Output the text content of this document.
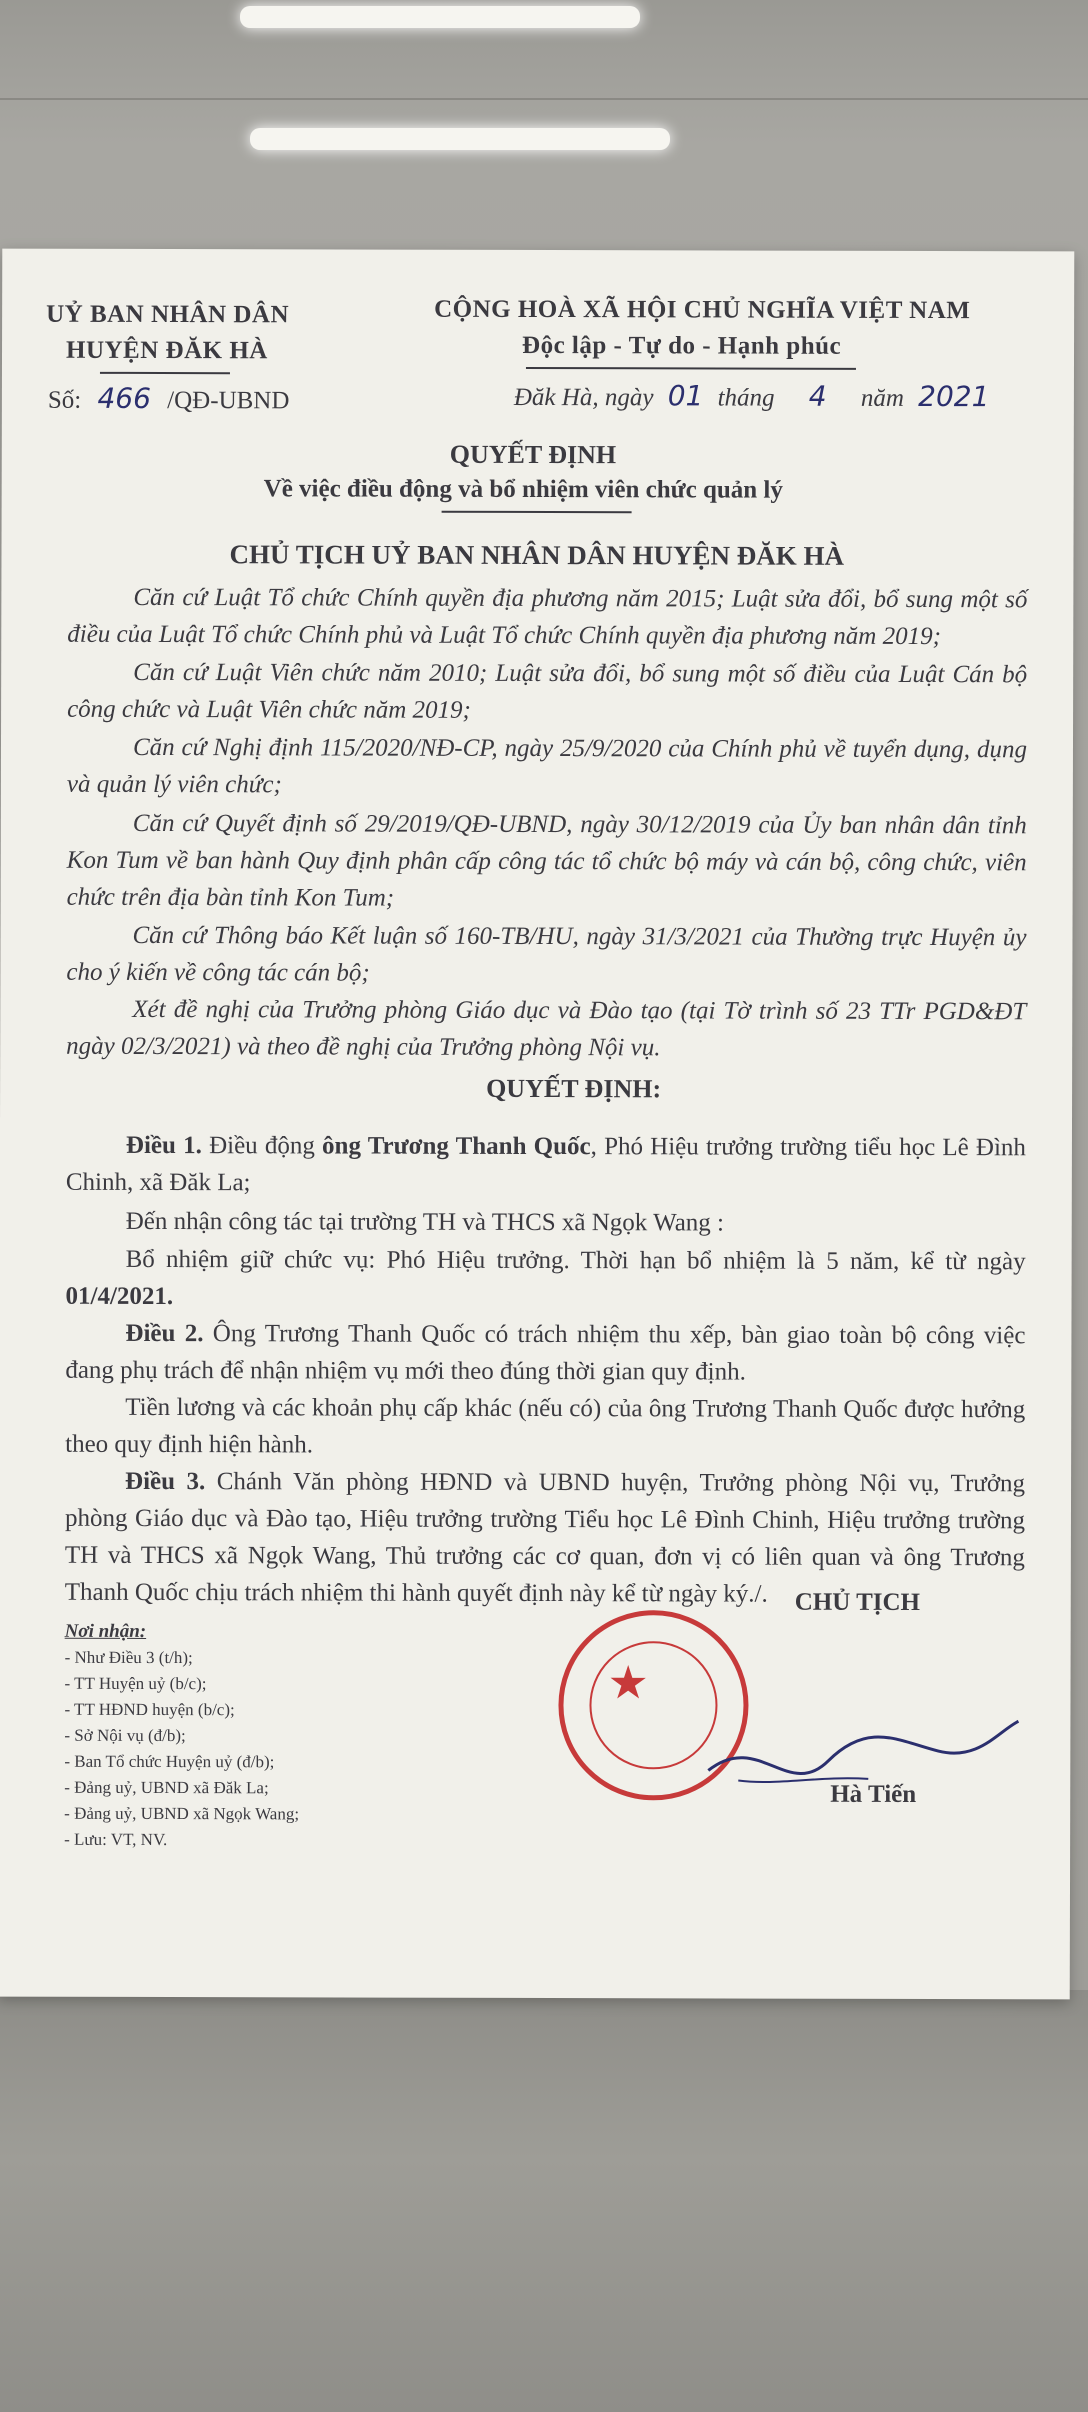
UỶ BAN NHÂN DÂN
HUYỆN ĐĂK HÀ
Số: 466 /QĐ-UBND
CỘNG HOÀ XÃ HỘI CHỦ NGHĨA VIỆT NAM
Độc lập - Tự do - Hạnh phúc
Đăk Hà, ngày 01 tháng 4 năm 2021
QUYẾT ĐỊNH
Về việc điều động và bổ nhiệm viên chức quản lý
CHỦ TỊCH UỶ BAN NHÂN DÂN HUYỆN ĐĂK HÀ
Căn cứ Luật Tổ chức Chính quyền địa phương năm 2015; Luật sửa đổi, bổ sung một số điều của Luật Tổ chức Chính phủ và Luật Tổ chức Chính quyền địa phương năm 2019;
Căn cứ Luật Viên chức năm 2010; Luật sửa đổi, bổ sung một số điều của Luật Cán bộ công chức và Luật Viên chức năm 2019;
Căn cứ Nghị định 115/2020/NĐ-CP, ngày 25/9/2020 của Chính phủ về tuyển dụng, dụng và quản lý viên chức;
Căn cứ Quyết định số 29/2019/QĐ-UBND, ngày 30/12/2019 của Ủy ban nhân dân tỉnh Kon Tum về ban hành Quy định phân cấp công tác tổ chức bộ máy và cán bộ, công chức, viên chức trên địa bàn tỉnh Kon Tum;
Căn cứ Thông báo Kết luận số 160-TB/HU, ngày 31/3/2021 của Thường trực Huyện ủy cho ý kiến về công tác cán bộ;
Xét đề nghị của Trưởng phòng Giáo dục và Đào tạo (tại Tờ trình số 23 TTr PGD&ĐT ngày 02/3/2021) và theo đề nghị của Trưởng phòng Nội vụ.
QUYẾT ĐỊNH:
Điều 1. Điều động ông Trương Thanh Quốc, Phó Hiệu trưởng trường tiểu học Lê Đình Chinh, xã Đăk La;
Đến nhận công tác tại trường TH và THCS xã Ngọk Wang :
Bổ nhiệm giữ chức vụ: Phó Hiệu trưởng. Thời hạn bổ nhiệm là 5 năm, kể từ ngày 01/4/2021.
Điều 2. Ông Trương Thanh Quốc có trách nhiệm thu xếp, bàn giao toàn bộ công việc đang phụ trách để nhận nhiệm vụ mới theo đúng thời gian quy định.
Tiền lương và các khoản phụ cấp khác (nếu có) của ông Trương Thanh Quốc được hưởng theo quy định hiện hành.
Điều 3. Chánh Văn phòng HĐND và UBND huyện, Trưởng phòng Nội vụ, Trưởng phòng Giáo dục và Đào tạo, Hiệu trưởng trường Tiểu học Lê Đình Chinh, Hiệu trưởng trường TH và THCS xã Ngọk Wang, Thủ trưởng các cơ quan, đơn vị có liên quan và ông Trương Thanh Quốc chịu trách nhiệm thi hành quyết định này kể từ ngày ký./.
Nơi nhận:
- Như Điều 3 (t/h);
- TT Huyện uỷ (b/c);
- TT HĐND huyện (b/c);
- Sở Nội vụ (đ/b);
- Ban Tổ chức Huyện uỷ (đ/b);
- Đảng uỷ, UBND xã Đăk La;
- Đảng uỷ, UBND xã Ngọk Wang;
- Lưu: VT, NV.
CHỦ TỊCH
★
Hà Tiến
